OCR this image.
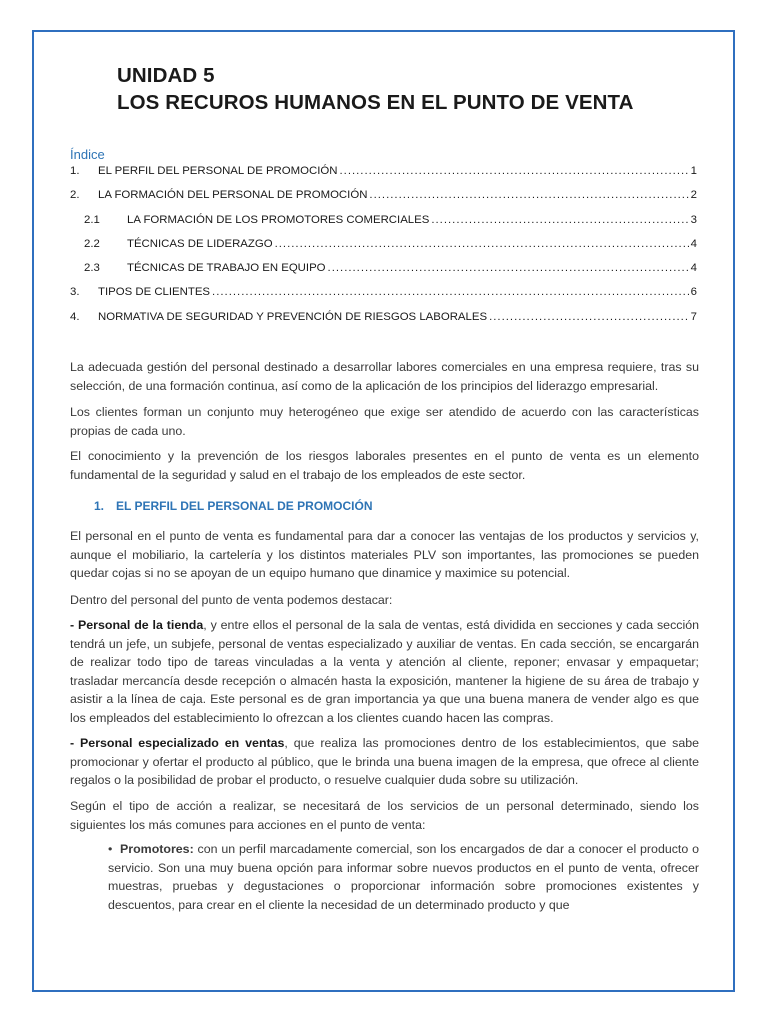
UNIDAD 5
LOS RECUROS HUMANOS EN EL PUNTO DE VENTA
Índice
1.	EL PERFIL DEL PERSONAL DE PROMOCIÓN .....	1
2.	LA FORMACIÓN DEL PERSONAL DE PROMOCIÓN .....	2
2.1	LA FORMACIÓN DE LOS PROMOTORES COMERCIALES .....	3
2.2	TÉCNICAS DE LIDERAZGO .....	4
2.3	TÉCNICAS DE TRABAJO EN EQUIPO .....	4
3.	TIPOS DE CLIENTES .....	6
4.	NORMATIVA DE SEGURIDAD Y PREVENCIÓN DE RIESGOS LABORALES .....	7

La adecuada gestión del personal destinado a desarrollar labores comerciales en una empresa requiere, tras su selección, de una formación continua, así como de la aplicación de los principios del liderazgo empresarial.

Los clientes forman un conjunto muy heterogéneo que exige ser atendido de acuerdo con las características propias de cada uno.

El conocimiento y la prevención de los riesgos laborales presentes en el punto de venta es un elemento fundamental de la seguridad y salud en el trabajo de los empleados de este sector.

1. EL PERFIL DEL PERSONAL DE PROMOCIÓN

El personal en el punto de venta es fundamental para dar a conocer las ventajas de los productos y servicios y, aunque el mobiliario, la cartelería y los distintos materiales PLV son importantes, las promociones se pueden quedar cojas si no se apoyan de un equipo humano que dinamice y maximice su potencial.

Dentro del personal del punto de venta podemos destacar:

- Personal de la tienda, y entre ellos el personal de la sala de ventas, está dividida en secciones y cada sección tendrá un jefe, un subjefe, personal de ventas especializado y auxiliar de ventas. En cada sección, se encargarán de realizar todo tipo de tareas vinculadas a la venta y atención al cliente, reponer; envasar y empaquetar; trasladar mercancía desde recepción o almacén hasta la exposición, mantener la higiene de su área de trabajo y asistir a la línea de caja. Este personal es de gran importancia ya que una buena manera de vender algo es que los empleados del establecimiento lo ofrezcan a los clientes cuando hacen las compras.

- Personal especializado en ventas, que realiza las promociones dentro de los establecimientos, que sabe promocionar y ofertar el producto al público, que le brinda una buena imagen de la empresa, que ofrece al cliente regalos o la posibilidad de probar el producto, o resuelve cualquier duda sobre su utilización.

Según el tipo de acción a realizar, se necesitará de los servicios de un personal determinado, siendo los siguientes los más comunes para acciones en el punto de venta:

• Promotores: con un perfil marcadamente comercial, son los encargados de dar a conocer el producto o servicio. Son una muy buena opción para informar sobre nuevos productos en el punto de venta, ofrecer muestras, pruebas y degustaciones o proporcionar información sobre promociones existentes y descuentos, para crear en el cliente la necesidad de un determinado producto y que
